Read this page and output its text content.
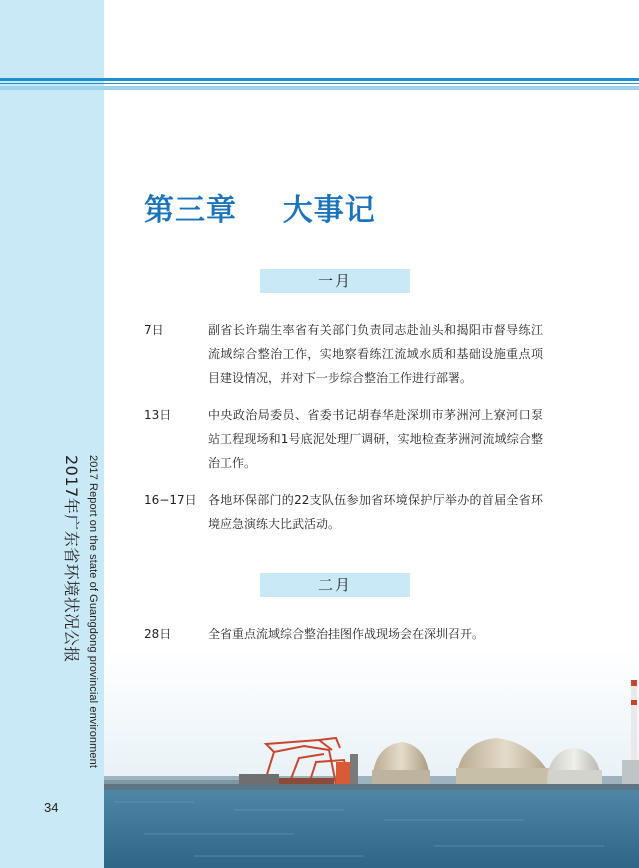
2017 Report on the state of Guangdong provincial environment
2017年广东省环境状况公报
34
第三章    大事记
一月
7日	副省长许瑞生率省有关部门负责同志赴汕头和揭阳市督导练江流域综合整治工作，实地察看练江流域水质和基础设施重点项目建设情况，并对下一步综合整治工作进行部署。
13日	中央政治局委员、省委书记胡春华赴深圳市茅洲河上寮河口泵站工程现场和1号底泥处理厂调研，实地检查茅洲河流域综合整治工作。
16−17日 各地环保部门的22支队伍参加省环境保护厅举办的首届全省环境应急演练大比武活动。
二月
28日	全省重点流域综合整治挂图作战现场会在深圳召开。
